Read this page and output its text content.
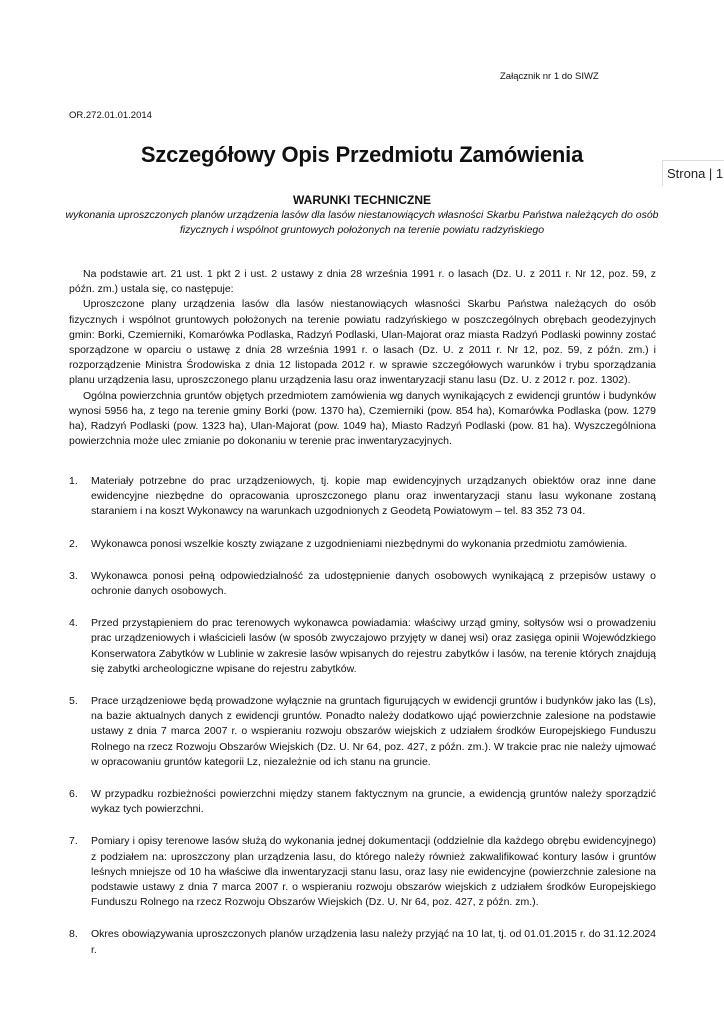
Załącznik nr 1 do SIWZ
OR.272.01.01.2014
Szczegółowy Opis Przedmiotu Zamówienia
Strona | 1
WARUNKI TECHNICZNE
wykonania uproszczonych planów urządzenia lasów dla lasów niestanowiących własności Skarbu Państwa należących do osób fizycznych i wspólnot gruntowych położonych na terenie powiatu radzyńskiego

Na podstawie art. 21 ust. 1 pkt 2 i ust. 2 ustawy z dnia 28 września 1991 r. o lasach (Dz. U. z 2011 r. Nr 12, poz. 59, z późn. zm.) ustala się, co następuje:

Uproszczone plany urządzenia lasów dla lasów niestanowiących własności Skarbu Państwa należących do osób fizycznych i wspólnot gruntowych położonych na terenie powiatu radzyńskiego w poszczególnych obrębach geodezyjnych gmin: Borki, Czemierniki, Komarówka Podlaska, Radzyń Podlaski, Ulan-Majorat oraz miasta Radzyń Podlaski powinny zostać sporządzone w oparciu o ustawę z dnia 28 września 1991 r. o lasach (Dz. U. z 2011 r. Nr 12, poz. 59, z późn. zm.) i rozporządzenie Ministra Środowiska z dnia 12 listopada 2012 r. w sprawie szczegółowych warunków i trybu sporządzania planu urządzenia lasu, uproszczonego planu urządzenia lasu oraz inwentaryzacji stanu lasu (Dz. U. z 2012 r. poz. 1302).

Ogólna powierzchnia gruntów objętych przedmiotem zamówienia wg danych wynikających z ewidencji gruntów i budynków wynosi 5956 ha, z tego na terenie gminy Borki (pow. 1370 ha), Czemierniki (pow. 854 ha), Komarówka Podlaska (pow. 1279 ha), Radzyń Podlaski (pow. 1323 ha), Ulan-Majorat (pow. 1049 ha), Miasto Radzyń Podlaski (pow. 81 ha). Wyszczególniona powierzchnia może ulec zmianie po dokonaniu w terenie prac inwentaryzacyjnych.

1. Materiały potrzebne do prac urządzeniowych, tj. kopie map ewidencyjnych urządzanych obiektów oraz inne dane ewidencyjne niezbędne do opracowania uproszczonego planu oraz inwentaryzacji stanu lasu wykonane zostaną staraniem i na koszt Wykonawcy na warunkach uzgodnionych z Geodetą Powiatowym – tel. 83 352 73 04.
2. Wykonawca ponosi wszelkie koszty związane z uzgodnieniami niezbędnymi do wykonania przedmiotu zamówienia.
3. Wykonawca ponosi pełną odpowiedzialność za udostępnienie danych osobowych wynikającą z przepisów ustawy o ochronie danych osobowych.
4. Przed przystąpieniem do prac terenowych wykonawca powiadamia: właściwy urząd gminy, sołtysów wsi o prowadzeniu prac urządzeniowych i właścicieli lasów (w sposób zwyczajowo przyjęty w danej wsi) oraz zasięga opinii Wojewódzkiego Konserwatora Zabytków w Lublinie w zakresie lasów wpisanych do rejestru zabytków i lasów, na terenie których znajdują się zabytki archeologiczne wpisane do rejestru zabytków.
5. Prace urządzeniowe będą prowadzone wyłącznie na gruntach figurujących w ewidencji gruntów i budynków jako las (Ls), na bazie aktualnych danych z ewidencji gruntów. Ponadto należy dodatkowo ująć powierzchnie zalesione na podstawie ustawy z dnia 7 marca 2007 r. o wspieraniu rozwoju obszarów wiejskich z udziałem środków Europejskiego Funduszu Rolnego na rzecz Rozwoju Obszarów Wiejskich (Dz. U. Nr 64, poz. 427, z późn. zm.). W trakcie prac nie należy ujmować w opracowaniu gruntów kategorii Lz, niezależnie od ich stanu na gruncie.
6. W przypadku rozbieżności powierzchni między stanem faktycznym na gruncie, a ewidencją gruntów należy sporządzić wykaz tych powierzchni.
7. Pomiary i opisy terenowe lasów służą do wykonania jednej dokumentacji (oddzielnie dla każdego obrębu ewidencyjnego) z podziałem na: uproszczony plan urządzenia lasu, do którego należy również zakwalifikować kontury lasów i gruntów leśnych mniejsze od 10 ha właściwe dla inwentaryzacji stanu lasu, oraz lasy nie ewidencyjne (powierzchnie zalesione na podstawie ustawy z dnia 7 marca 2007 r. o wspieraniu rozwoju obszarów wiejskich z udziałem środków Europejskiego Funduszu Rolnego na rzecz Rozwoju Obszarów Wiejskich (Dz. U. Nr 64, poz. 427, z późn. zm.).
8. Okres obowiązywania uproszczonych planów urządzenia lasu należy przyjąć na 10 lat, tj. od 01.01.2015 r. do 31.12.2024 r.
